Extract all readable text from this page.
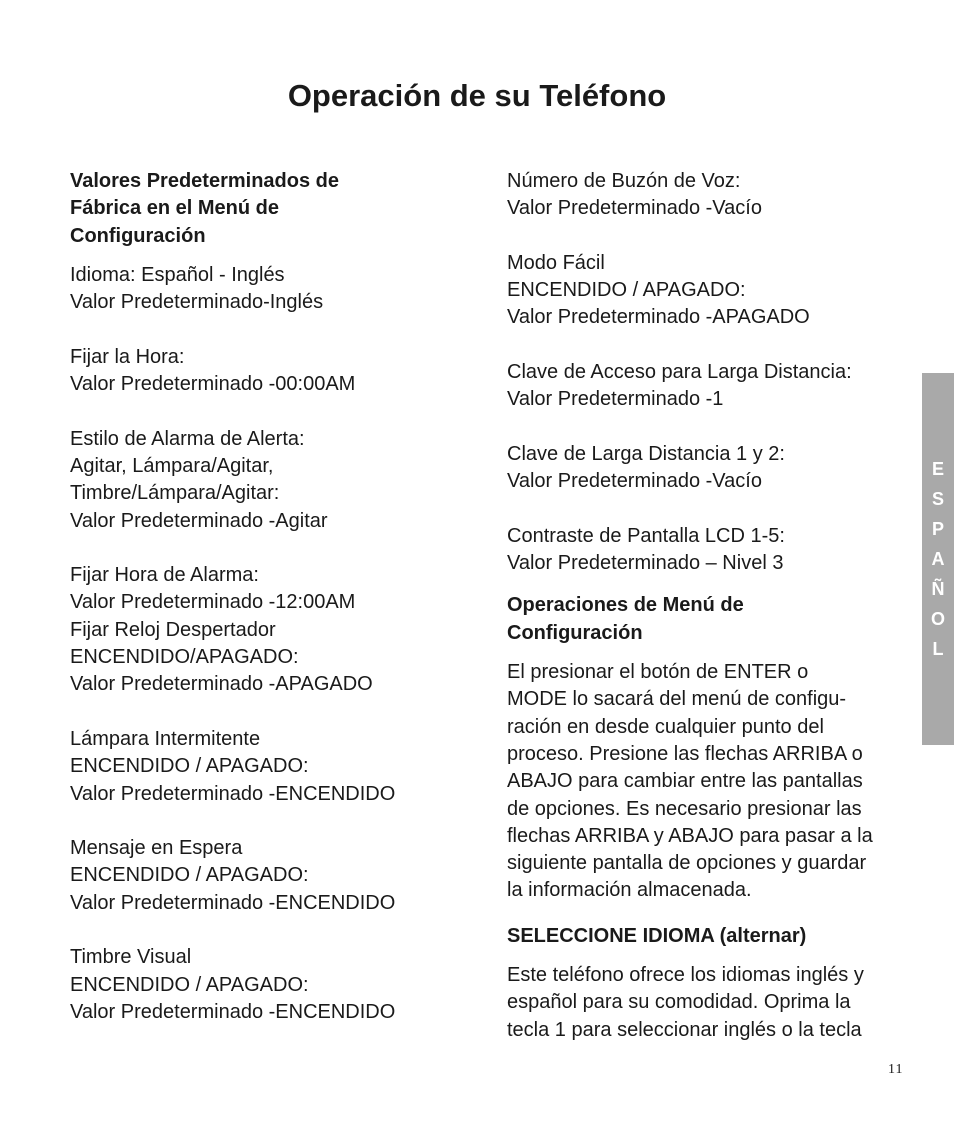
Operación de su Teléfono
Valores Predeterminados de
Fábrica en el Menú de
Configuración
Idioma: Español - Inglés
Valor Predeterminado-Inglés
Fijar la Hora:
Valor Predeterminado -00:00AM
Estilo de Alarma de Alerta:
Agitar, Lámpara/Agitar,
Timbre/Lámpara/Agitar:
Valor Predeterminado -Agitar
Fijar Hora de Alarma:
Valor Predeterminado -12:00AM
Fijar Reloj Despertador
ENCENDIDO/APAGADO:
Valor Predeterminado -APAGADO
Lámpara Intermitente
ENCENDIDO / APAGADO:
Valor Predeterminado -ENCENDIDO
Mensaje en Espera
ENCENDIDO / APAGADO:
Valor Predeterminado -ENCENDIDO
Timbre Visual
ENCENDIDO / APAGADO:
Valor Predeterminado -ENCENDIDO
Número de Buzón de Voz:
Valor Predeterminado -Vacío
Modo Fácil
ENCENDIDO / APAGADO:
Valor Predeterminado -APAGADO
Clave de Acceso para Larga Distancia:
Valor Predeterminado -1
Clave de Larga Distancia 1 y 2:
Valor Predeterminado -Vacío
Contraste de Pantalla LCD 1-5:
Valor Predeterminado – Nivel 3
Operaciones de Menú de
Configuración
El presionar el botón de ENTER o
MODE lo sacará del menú de configu-
ración en desde cualquier punto del
proceso. Presione las flechas ARRIBA o
ABAJO para cambiar entre las pantallas
de opciones. Es necesario presionar las
flechas ARRIBA y ABAJO para pasar a la
siguiente pantalla de opciones y guardar
la información almacenada.
SELECCIONE IDIOMA (alternar)
Este teléfono ofrece los idiomas inglés y
español para su comodidad. Oprima la
tecla 1 para seleccionar inglés o la tecla
E
S
P
A
Ñ
O
L
11
